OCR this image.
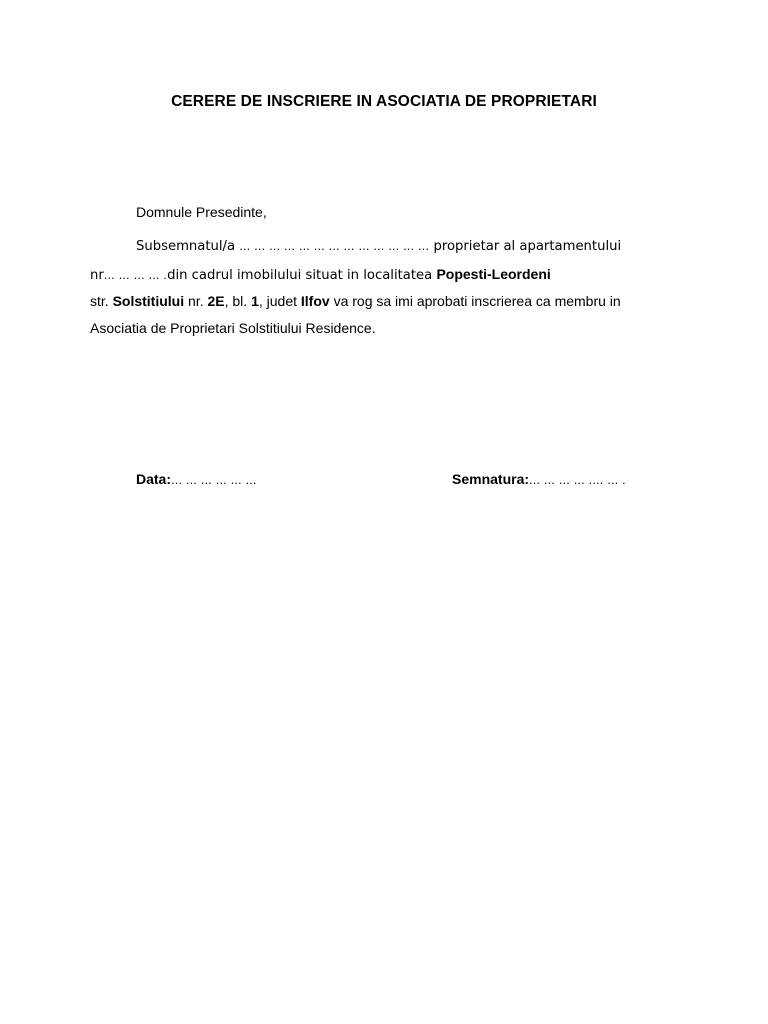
CERERE DE INSCRIERE IN ASOCIATIA DE PROPRIETARI

Domnule Presedinte,

Subsemnatul/a … … … … … … … … … … … … … proprietar al apartamentului

nr… … … … .din cadrul imobilului situat in localitatea Popesti-Leordeni

str. Solstitiului nr. 2E, bl. 1, judet Ilfov va rog sa imi aprobati inscrierea ca membru in

Asociatia de Proprietari Solstitiului Residence.

Data:… … … … … …	Semnatura:… … … … .… … .
